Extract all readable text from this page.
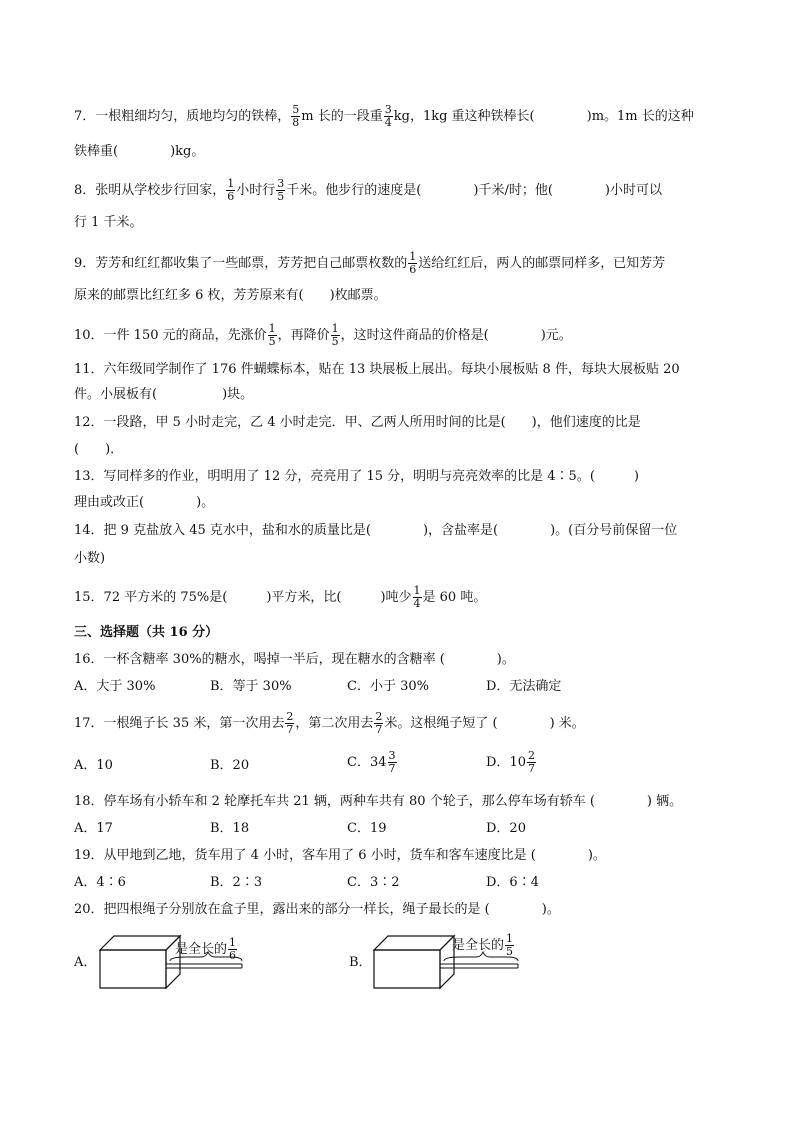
7．一根粗细均匀，质地均匀的铁棒， $\frac{5}{8}$ m 长的一段重 $\frac{3}{4}$ kg，1kg 重这种铁棒长(　　　　)m。1m 长的这种
铁棒重(　　　　)kg。
8．张明从学校步行回家， $\frac{1}{6}$ 小时行 $\frac{3}{5}$ 千米。他步行的速度是(　　　　)千米/时；他(　　　　)小时可以
行 1 千米。
9．芳芳和红红都收集了一些邮票，芳芳把自己邮票枚数的 $\frac{1}{6}$ 送给红红后，两人的邮票同样多，已知芳芳
原来的邮票比红红多 6 枚，芳芳原来有(　　)枚邮票。
10．一件 150 元的商品，先涨价 $\frac{1}{5}$ ，再降价 $\frac{1}{5}$ ，这时这件商品的价格是(　　　　)元。
11．六年级同学制作了 176 件蝴蝶标本，贴在 13 块展板上展出。每块小展板贴 8 件，每块大展板贴 20
件。小展板有(　　　　　)块。
12．一段路，甲 5 小时走完，乙 4 小时走完．甲、乙两人所用时间的比是(　　)，他们速度的比是
(　　)．
13．写同样多的作业，明明用了 12 分，亮亮用了 15 分，明明与亮亮效率的比是 4∶5。(　　　)
理由或改正(　　　　)。
14．把 9 克盐放入 45 克水中，盐和水的质量比是(　　　　)，含盐率是(　　　　)。(百分号前保留一位
小数)
15．72 平方米的 75%是(　　　)平方米，比(　　　)吨少 $\frac{1}{4}$ 是 60 吨。
三、选择题（共 16 分）
16．一杯含糖率 30%的糖水，喝掉一半后，现在糖水的含糖率 (　　　　)。
A．大于 30%	B．等于 30%	C．小于 30%	D．无法确定
17．一根绳子长 35 米，第一次用去 $\frac{2}{7}$ ，第二次用去 $\frac{2}{7}$ 米。这根绳子短了 (　　　　) 米。
A．10	B．20	C． $34 \frac{3}{7}$	D． $10 \frac{2}{7}$
18．停车场有小轿车和 2 轮摩托车共 21 辆，两种车共有 80 个轮子，那么停车场有轿车 (　　　　) 辆。
A．17	B．18	C．19	D．20
19．从甲地到乙地，货车用了 4 小时，客车用了 6 小时，货车和客车速度比是 (　　　　)。
A．4∶6	B．2∶3	C．3∶2	D．6∶4
20．把四根绳子分别放在盒子里，露出来的部分一样长，绳子最长的是 (　　　　)。
A．
是全长的 $\frac{1}{6}$
B．
是全长的 $\frac{1}{5}$
